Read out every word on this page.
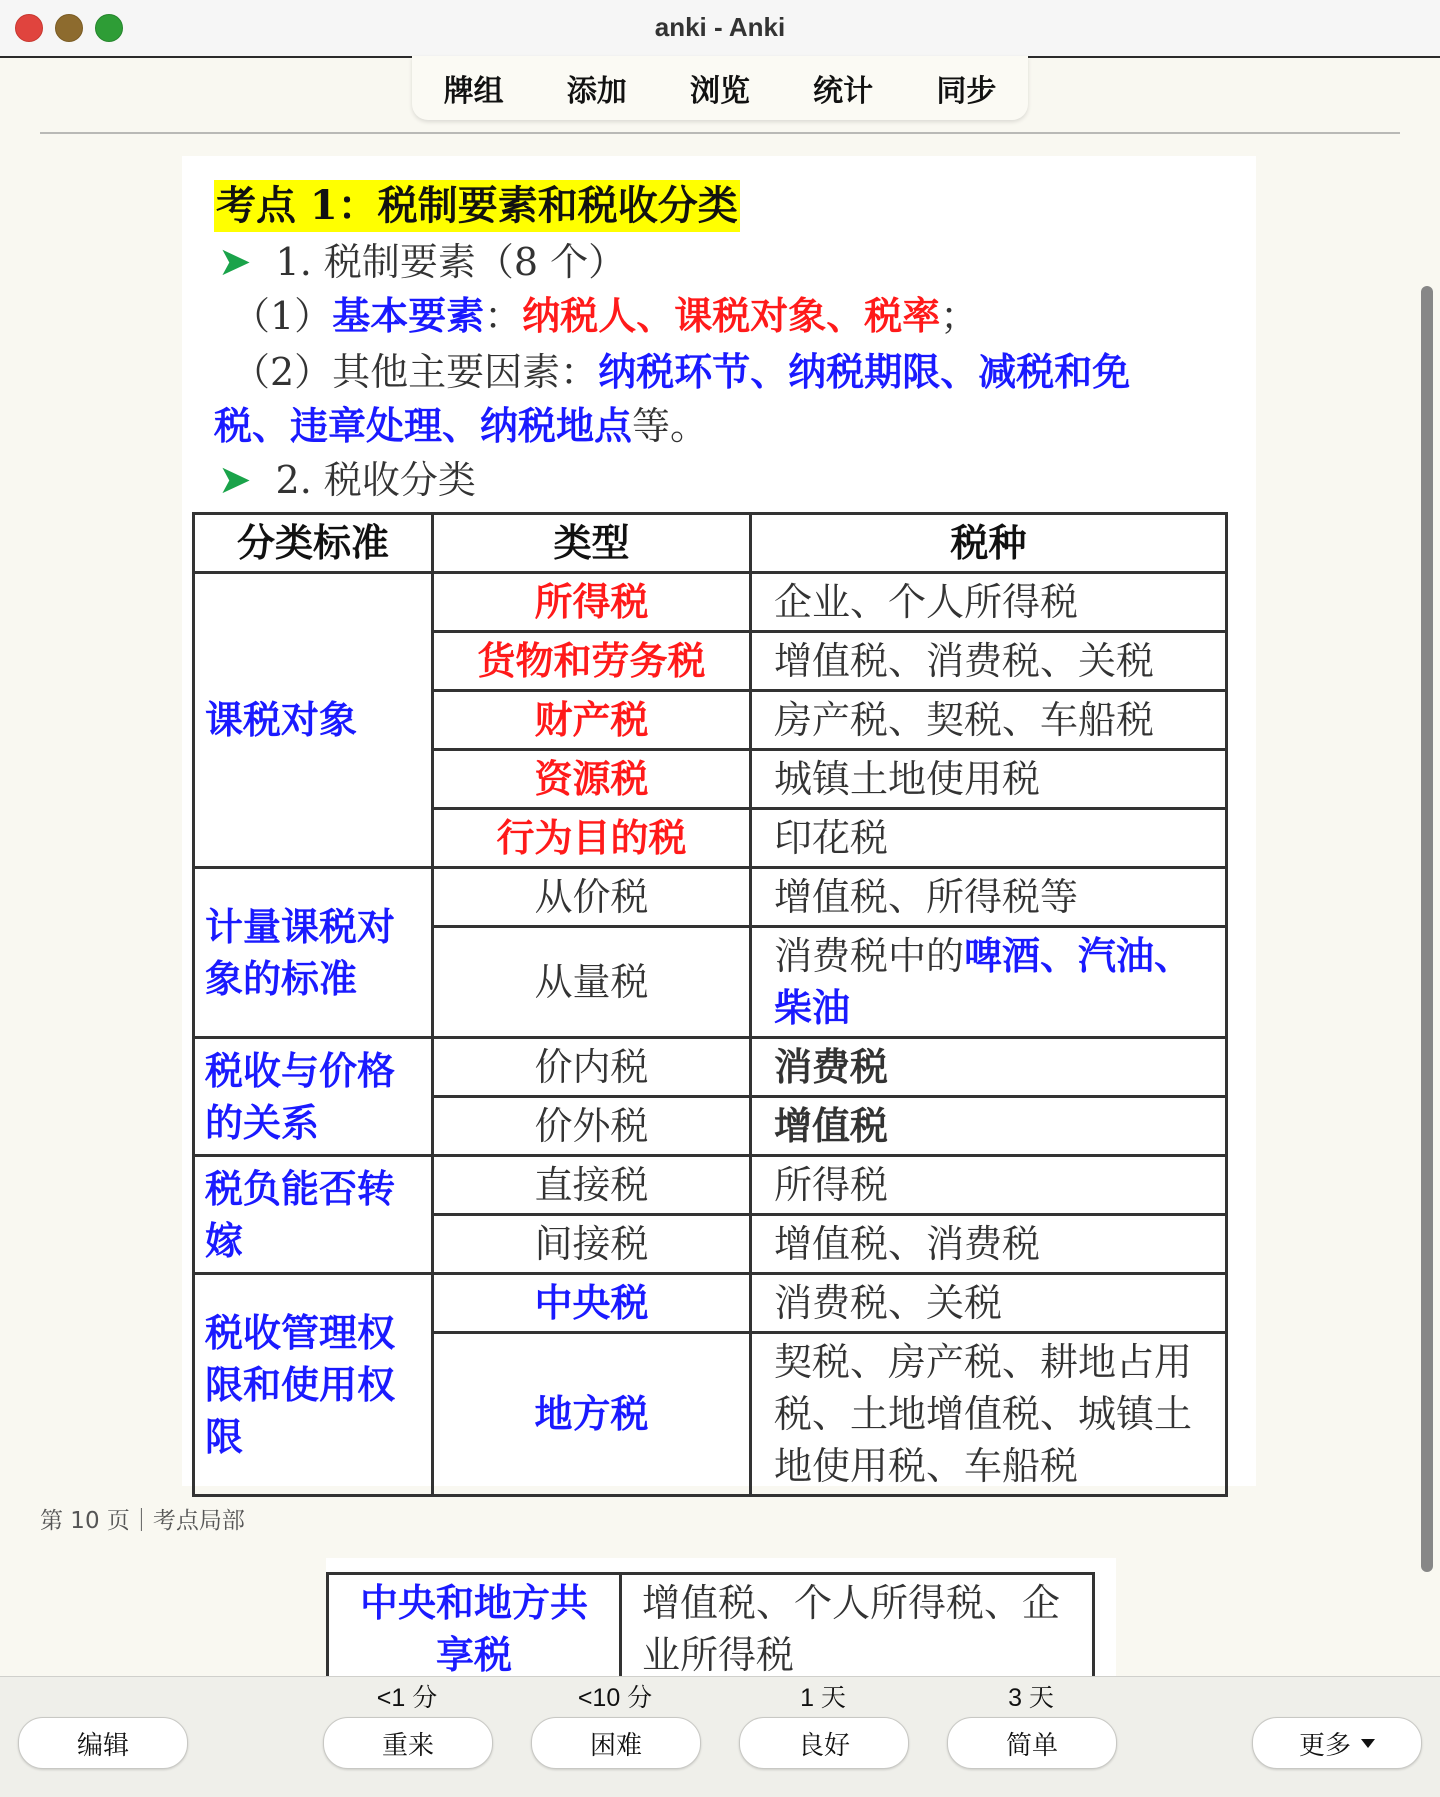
anki - Anki
牌组 添加 浏览 统计 同步
考点 1：税制要素和税收分类
➤ 1. 税制要素（8 个）
（1）基本要素：纳税人、课税对象、税率；
（2）其他主要因素：纳税环节、纳税期限、减税和免
税、违章处理、纳税地点等。
➤ 2. 税收分类
分类标准	类型	税种
课税对象	所得税	企业、个人所得税
	货物和劳务税	增值税、消费税、关税
	财产税	房产税、契税、车船税
	资源税	城镇土地使用税
	行为目的税	印花税
计量课税对象的标准	从价税	增值税、所得税等
	从量税	消费税中的啤酒、汽油、柴油
税收与价格的关系	价内税	消费税
	价外税	增值税
税负能否转嫁	直接税	所得税
	间接税	增值税、消费税
税收管理权限和使用权限	中央税	消费税、关税
	地方税	契税、房产税、耕地占用税、土地增值税、城镇土地使用税、车船税
第 10 页｜考点局部
中央和地方共享税	增值税、个人所得税、企业所得税
编辑
<1 分
重来
<10 分
困难
1 天
良好
3 天
简单	更多
